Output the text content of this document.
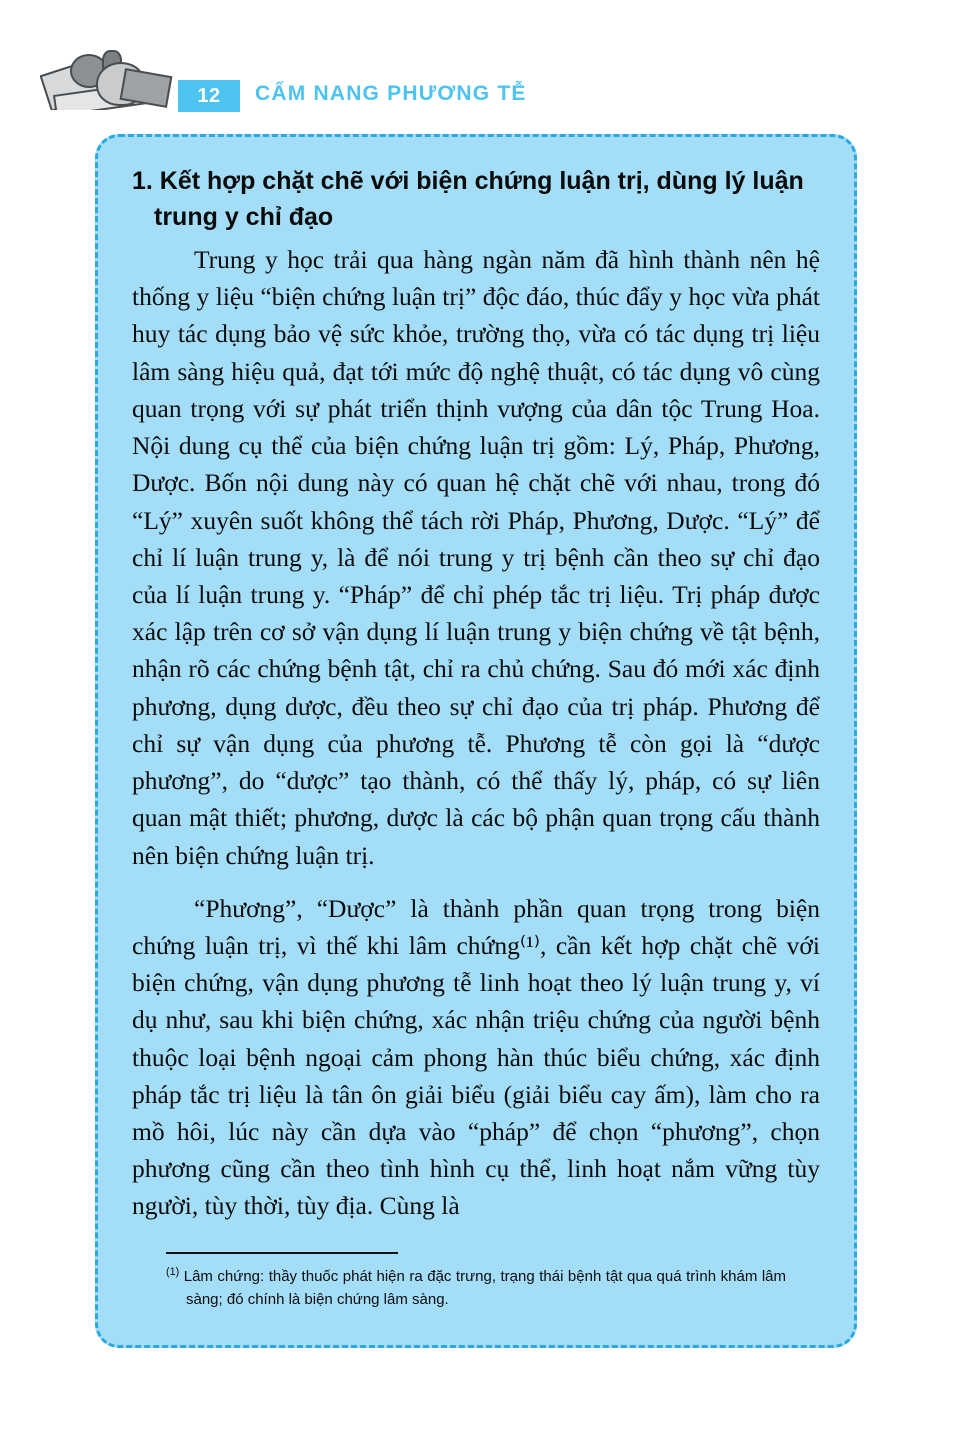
12 CẨM NANG PHƯƠNG TỄ
1. Kết hợp chặt chẽ với biện chứng luận trị, dùng lý luận trung y chỉ đạo

Trung y học trải qua hàng ngàn năm đã hình thành nên hệ thống y liệu “biện chứng luận trị” độc đáo, thúc đẩy y học vừa phát huy tác dụng bảo vệ sức khỏe, trường thọ, vừa có tác dụng trị liệu lâm sàng hiệu quả, đạt tới mức độ nghệ thuật, có tác dụng vô cùng quan trọng với sự phát triển thịnh vượng của dân tộc Trung Hoa. Nội dung cụ thể của biện chứng luận trị gồm: Lý, Pháp, Phương, Dược. Bốn nội dung này có quan hệ chặt chẽ với nhau, trong đó “Lý” xuyên suốt không thể tách rời Pháp, Phương, Dược. “Lý” để chỉ lí luận trung y, là để nói trung y trị bệnh cần theo sự chỉ đạo của lí luận trung y. “Pháp” để chỉ phép tắc trị liệu. Trị pháp được xác lập trên cơ sở vận dụng lí luận trung y biện chứng về tật bệnh, nhận rõ các chứng bệnh tật, chỉ ra chủ chứng. Sau đó mới xác định phương, dụng dược, đều theo sự chỉ đạo của trị pháp. Phương để chỉ sự vận dụng của phương tễ. Phương tễ còn gọi là “dược phương”, do “dược” tạo thành, có thể thấy lý, pháp, có sự liên quan mật thiết; phương, dược là các bộ phận quan trọng cấu thành nên biện chứng luận trị.

“Phương”, “Dược” là thành phần quan trọng trong biện chứng luận trị, vì thế khi lâm chứng⁽¹⁾, cần kết hợp chặt chẽ với biện chứng, vận dụng phương tễ linh hoạt theo lý luận trung y, ví dụ như, sau khi biện chứng, xác nhận triệu chứng của người bệnh thuộc loại bệnh ngoại cảm phong hàn thúc biểu chứng, xác định pháp tắc trị liệu là tân ôn giải biểu (giải biểu cay ấm), làm cho ra mồ hôi, lúc này cần dựa vào “pháp” để chọn “phương”, chọn phương cũng cần theo tình hình cụ thể, linh hoạt nắm vững tùy người, tùy thời, tùy địa. Cùng là

$^{(1)}$ Lâm chứng: thầy thuốc phát hiện ra đặc trưng, trạng thái bệnh tật qua quá trình khám lâm sàng; đó chính là biện chứng lâm sàng.
